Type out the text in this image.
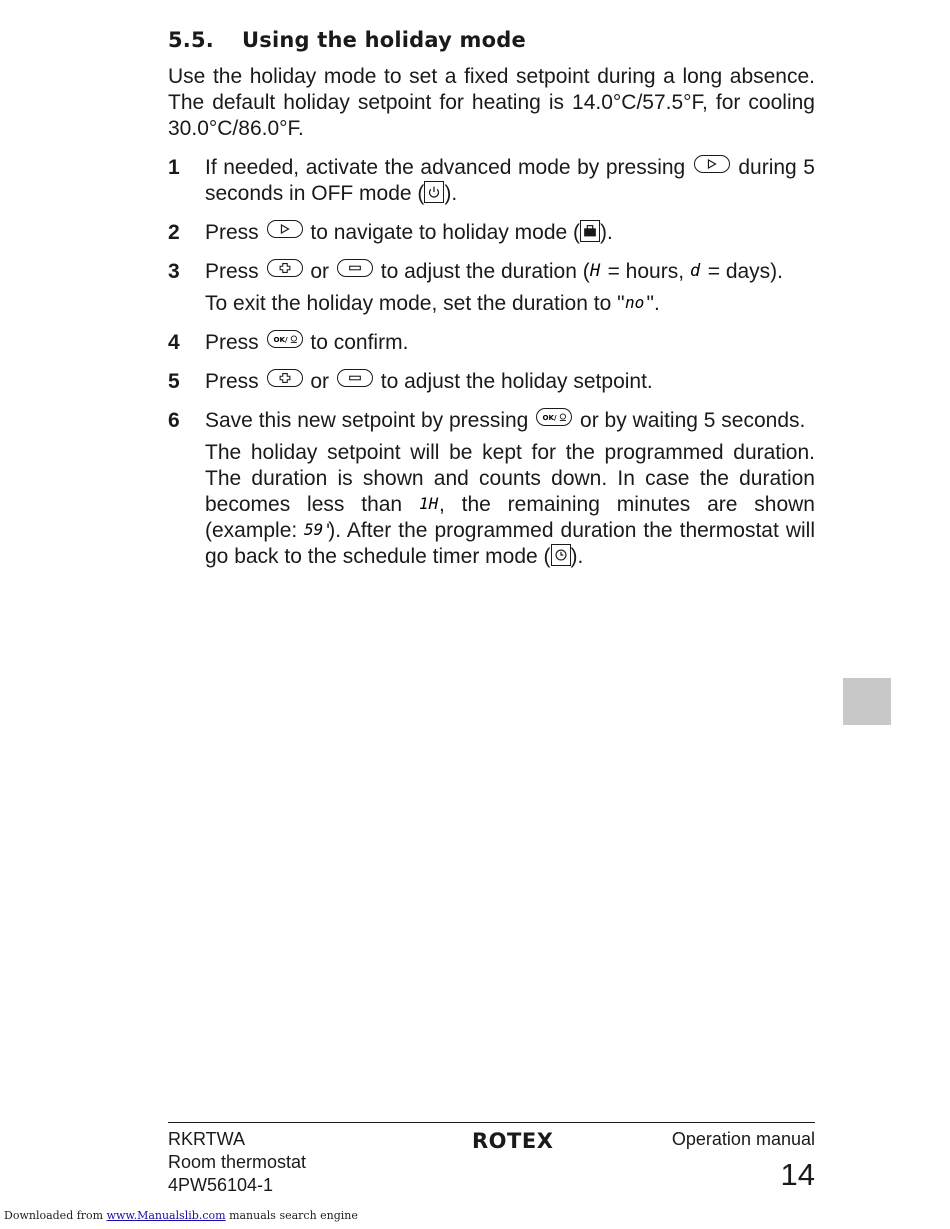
5.5. Using the holiday mode

Use the holiday mode to set a fixed setpoint during a long absence. The default holiday setpoint for heating is 14.0°C/57.5°F, for cooling 30.0°C/86.0°F.

1 If needed, activate the advanced mode by pressing	during 5 seconds in OFF mode ( ).
2 Press to navigate to holiday mode ( ).
3 Press or to adjust the duration ( H = hours, d = days).

To exit the holiday mode, set the duration to " no ".

4 Press OK/ to confirm.
5 Press or to adjust the holiday setpoint.
6 Save this new setpoint by pressing OK/ or by waiting 5 seconds.

The holiday setpoint will be kept for the programmed duration. The duration is shown and counts down. In case the duration becomes less than 1H , the remaining minutes are shown (example: 59'
). After the programmed duration the thermostat will go back to the schedule timer mode ( ).

RKRTWA
Room thermostat
4PW56104-1
ROTEX	Operation manual
14
Downloaded from www.Manualslib.com manuals search engine
